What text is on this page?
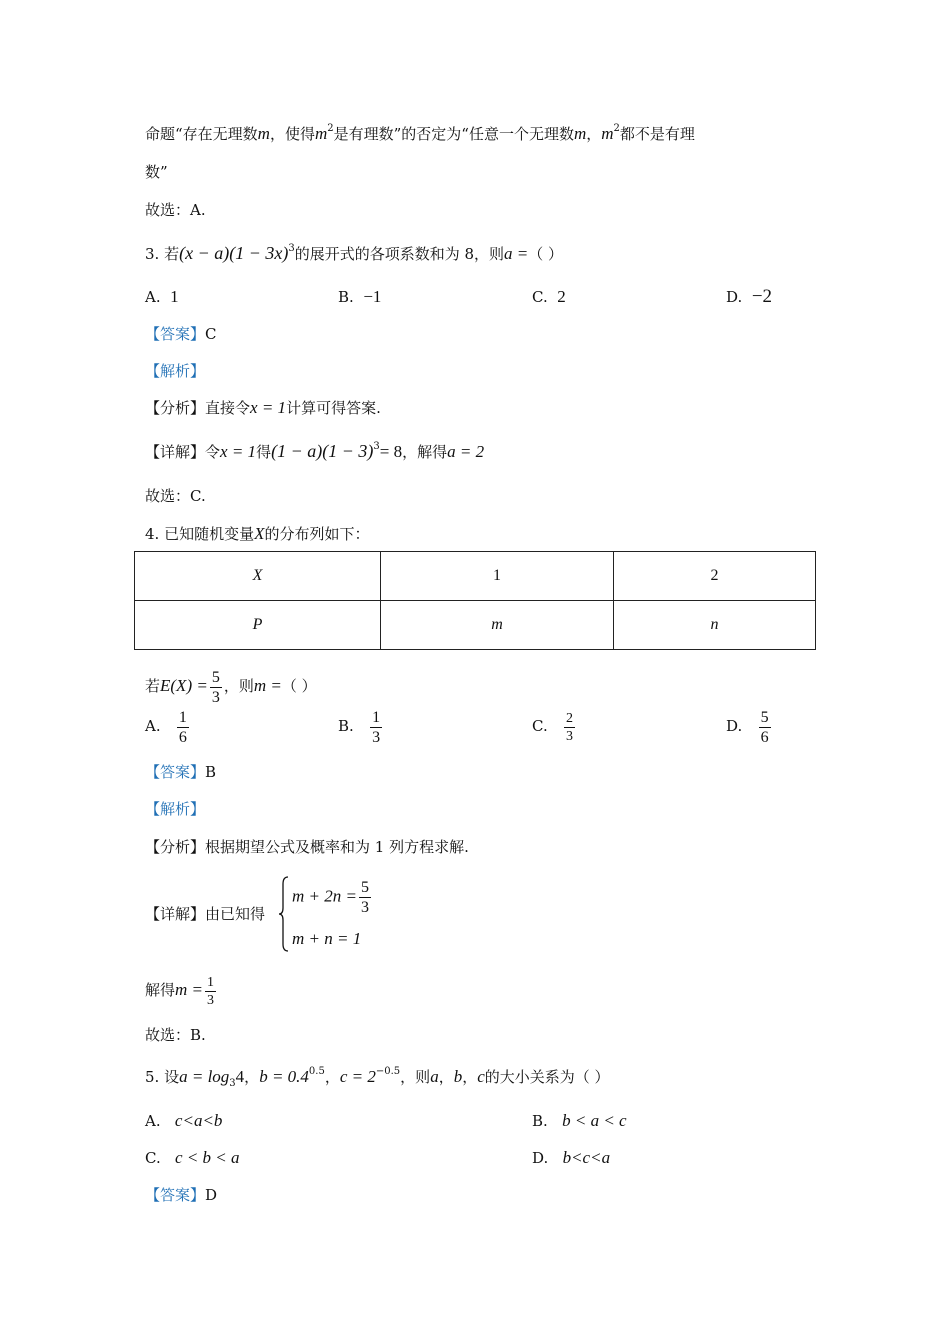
命题“存在无理数m，使得$m^2$是有理数”的否定为“任意一个无理数m，$m^2$都不是有理
数”
故选：A.
3. 若$(x - a)(1 - 3x)^3$的展开式的各项系数和为 8，则a =（ ）
A. 1	B. −1	C. 2	D. −2
【答案】C
【解析】
【分析】直接令x = 1计算可得答案.
【详解】令x = 1得$(1 - a)(1 - 3)^3= 8$，解得a = 2
故选：C.
4. 已知随机变量X的分布列如下：
X	1	2
P	m	n
若$E(X) = \frac{5}{3}$ ，则m =（ ）
A. $\frac{1}{6}$	B. $\frac{1}{3}$	C. $\frac{2}{3}$	D. $\frac{5}{6}$
【答案】B
【解析】
【分析】根据期望公式及概率和为 1 列方程求解.
【详解】由已知得
$m + 2n = \frac{5}{3}$
m + n = 1
解得$m = \frac{1}{3}$
故选：B.
5. 设$a = \log_34$，$b = 0.4^{0.5}$，$c = 2^{-0.5}$，则a，b，c的大小关系为（ ）
A. c<a<b	B. b < a < c
C. c < b < a	D. b<c<a
【答案】D
